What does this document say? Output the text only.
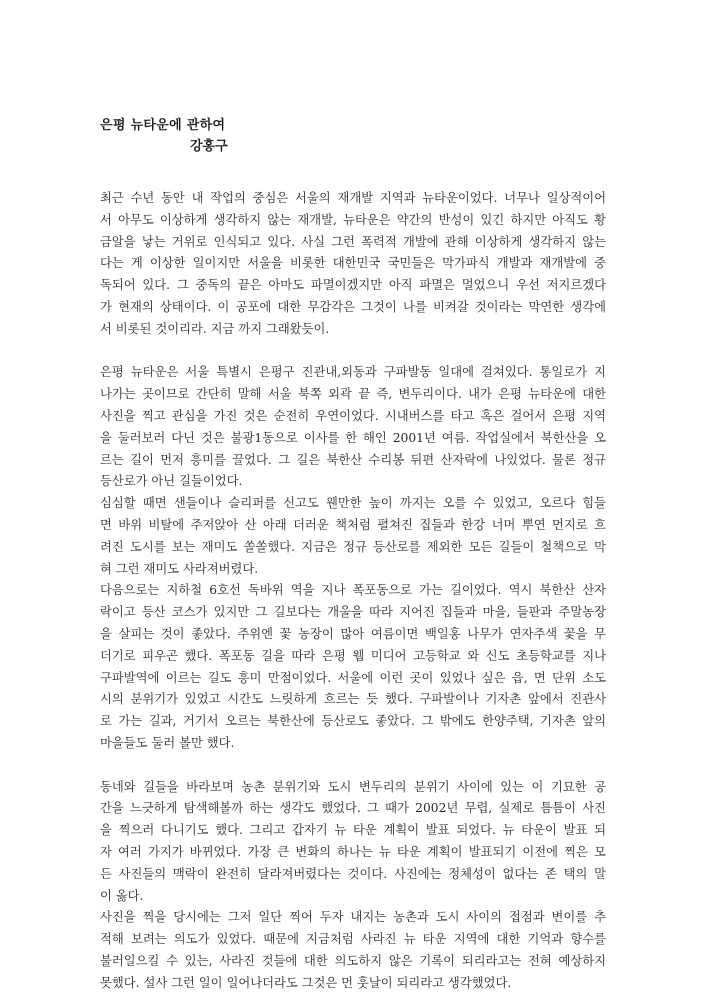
은평 뉴타운에 관하여
강홍구
최근 수년 동안 내 작업의 중심은 서울의 재개발 지역과 뉴타운이었다. 너무나 일상적이어
서 아무도 이상하게 생각하지 않는 재개발, 뉴타운은 약간의 반성이 있긴 하지만 아직도 황
금알을 낳는 거위로 인식되고 있다. 사실 그런 폭력적 개발에 관해 이상하게 생각하지 않는
다는 게 이상한 일이지만 서울을 비롯한 대한민국 국민들은 막가파식 개발과 재개발에 중
독되어 있다. 그 중독의 끝은 아마도 파멸이겠지만 아직 파멸은 멀었으니 우선 저지르겠다
가 현재의 상태이다. 이 공포에 대한 무감각은 그것이 나를 비켜갈 것이라는 막연한 생각에
서 비롯된 것이리라. 지금 까지 그래왔듯이.
은평 뉴타운은 서울 특별시 은평구 진관내,외동과 구파발동 일대에 걸쳐있다. 통일로가 지
나가는 곳이므로 간단히 말해 서울 북쪽 외곽 끝 즉, 변두리이다. 내가 은평 뉴타운에 대한
사진을 찍고 관심을 가진 것은 순전히 우연이었다. 시내버스를 타고 혹은 걸어서 은평 지역
을 둘러보러 다닌 것은 불광1동으로 이사를 한 해인 2001년 여름. 작업실에서 북한산을 오
르는 길이 먼저 흥미를 끌었다. 그 길은 북한산 수리봉 뒤편 산자락에 나있었다. 물론 정규
등산로가 아닌 길들이었다.
심심할 때면 샌들이나 슬리퍼를 신고도 웬만한 높이 까지는 오를 수 있었고, 오르다 힘들
면 바위 비탈에 주저앉아 산 아래 더러운 책처럼 펼쳐진 집들과 한강 너머 뿌연 먼지로 흐
려진 도시를 보는 재미도 쏠쏠했다. 지금은 정규 등산로를 제외한 모든 길들이 철책으로 막
혀 그런 재미도 사라져버렸다.
다음으로는 지하철 6호선 독바위 역을 지나 폭포동으로 가는 길이었다. 역시 북한산 산자
락이고 등산 코스가 있지만 그 길보다는 개울을 따라 지어진 집들과 마을, 들판과 주말농장
을 살피는 것이 좋았다. 주위엔 꽃 농장이 많아 여름이면 백일홍 나무가 연자주색 꽃을 무
더기로 피우곤 했다. 폭포동 길을 따라 은평 웹 미디어 고등학교 와 신도 초등학교를 지나
구파발역에 이르는 길도 흥미 만점이었다. 서울에 이런 곳이 있었나 싶은 읍, 면 단위 소도
시의 분위기가 있었고 시간도 느릿하게 흐르는 듯 했다. 구파발이나 기자촌 앞에서 진관사
로 가는 길과, 거기서 오르는 북한산에 등산로도 좋았다. 그 밖에도 한양주택, 기자촌 앞의
마을들도 둘러 볼만 했다.
동네와 길들을 바라보며 농촌 분위기와 도시 변두리의 분위기 사이에 있는 이 기묘한 공
간을 느긋하게 탐색해볼까 하는 생각도 했었다. 그 때가 2002년 무렵, 실제로 틈틈이 사진
을 찍으러 다니기도 했다. 그리고 갑자기 뉴 타운 계획이 발표 되었다. 뉴 타운이 발표 되
자 여러 가지가 바뀌었다. 가장 큰 변화의 하나는 뉴 타운 계획이 발표되기 이전에 찍은 모
든 사진들의 맥락이 완전히 달라져버렸다는 것이다. 사진에는 정체성이 없다는 존 택의 말
이 옳다.
사진을 찍을 당시에는 그저 일단 찍어 두자 내지는 농촌과 도시 사이의 접점과 변이를 추
적해 보려는 의도가 있었다. 때문에 지금처럼 사라진 뉴 타운 지역에 대한 기억과 향수를
불러일으킬 수 있는, 사라진 것들에 대한 의도하지 않은 기록이 되리라고는 전혀 예상하지
못했다. 설사 그런 일이 일어나더라도 그것은 먼 훗날이 되리라고 생각했었다.
